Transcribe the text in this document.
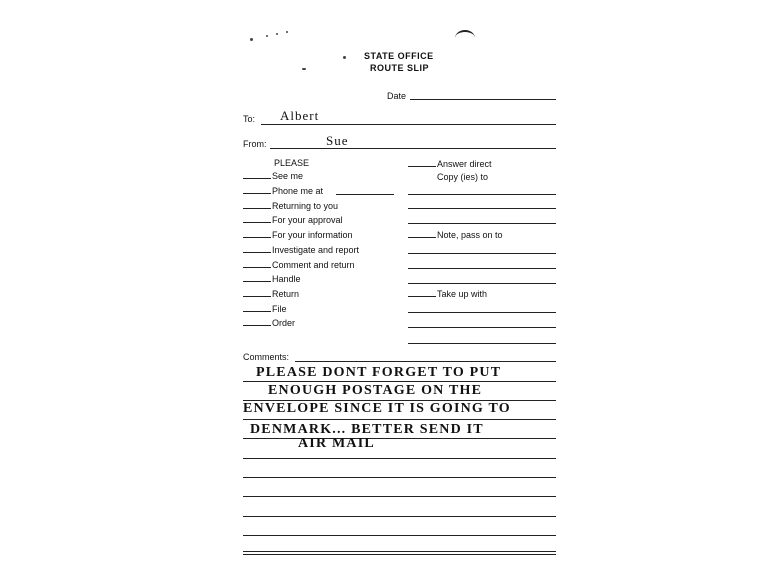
STATE OFFICE
ROUTE SLIP
Date
To: Albert
From:	Sue
PLEASE
See me
Phone me at
Returning to you
For your approval
For your information
Investigate and report
Comment and return
Handle
Return
File
Order
Answer direct
Copy (ies) to
Note, pass on to
Take up with
Comments:
PLEASE DONT FORGET TO PUT
ENOUGH POSTAGE ON THE
ENVELOPE SINCE IT IS GOING TO
DENMARK... BETTER SEND IT
AIR MAIL
